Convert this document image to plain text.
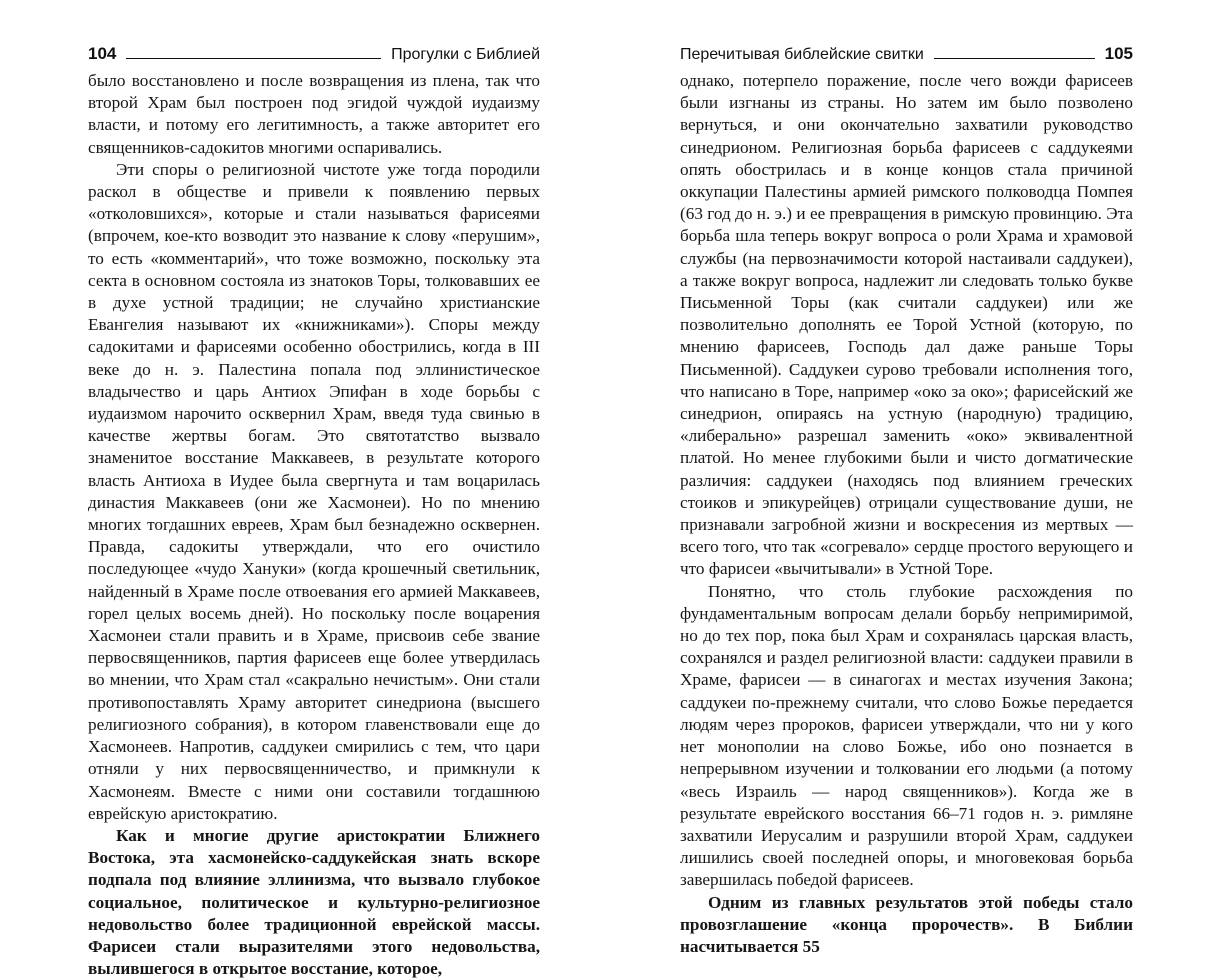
104	Прогулки с Библией

было восстановлено и после возвращения из плена, так что второй Храм был построен под эгидой чуждой иудаизму власти, и потому его легитимность, а также авторитет его священников-садокитов многими оспаривались.

Эти споры о религиозной чистоте уже тогда породили раскол в обществе и привели к появлению первых «отколовшихся», которые и стали называться фарисеями (впрочем, кое-кто возводит это название к слову «перушим», то есть «комментарий», что тоже возможно, поскольку эта секта в основном состояла из знатоков Торы, толковавших ее в духе устной традиции; не случайно христианские Евангелия называют их «книжниками»). Споры между садокитами и фарисеями особенно обострились, когда в III веке до н. э. Палестина попала под эллинистическое владычество и царь Антиох Эпифан в ходе борьбы с иудаизмом нарочито осквернил Храм, введя туда свинью в качестве жертвы богам. Это святотатство вызвало знаменитое восстание Маккавеев, в результате которого власть Антиоха в Иудее была свергнута и там воцарилась династия Маккавеев (они же Хасмонеи). Но по мнению многих тогдашних евреев, Храм был безнадежно осквернен. Правда, садокиты утверждали, что его очистило последующее «чудо Хануки» (когда крошечный светильник, найденный в Храме после отвоевания его армией Маккавеев, горел целых восемь дней). Но поскольку после воцарения Хасмонеи стали править и в Храме, присвоив себе звание первосвященников, партия фарисеев еще более утвердилась во мнении, что Храм стал «сакрально нечистым». Они стали противопоставлять Храму авторитет синедриона (высшего религиозного собрания), в котором главенствовали еще до Хасмонеев. Напротив, саддукеи смирились с тем, что цари отняли у них первосвященничество, и примкнули к Хасмонеям. Вместе с ними они составили тогдашнюю еврейскую аристократию.

Как и многие другие аристократии Ближнего Востока, эта хасмонейско-саддукейская знать вскоре подпала под влияние эллинизма, что вызвало глубокое социальное, политическое и культурно-религиозное недовольство более традиционной еврейской массы. Фарисеи стали выразителями этого недовольства, вылившегося в открытое восстание, которое,

Перечитывая библейские свитки	105

однако, потерпело поражение, после чего вожди фарисеев были изгнаны из страны. Но затем им было позволено вернуться, и они окончательно захватили руководство синедрионом. Религиозная борьба фарисеев с саддукеями опять обострилась и в конце концов стала причиной оккупации Палестины армией римского полководца Помпея (63 год до н. э.) и ее превращения в римскую провинцию. Эта борьба шла теперь вокруг вопроса о роли Храма и храмовой службы (на первозначимости которой настаивали саддукеи), а также вокруг вопроса, надлежит ли следовать только букве Письменной Торы (как считали саддукеи) или же позволительно дополнять ее Торой Устной (которую, по мнению фарисеев, Господь дал даже раньше Торы Письменной). Саддукеи сурово требовали исполнения того, что написано в Торе, например «око за око»; фарисейский же синедрион, опираясь на устную (народную) традицию, «либерально» разрешал заменить «око» эквивалентной платой. Но менее глубокими были и чисто догматические различия: саддукеи (находясь под влиянием греческих стоиков и эпикурейцев) отрицали существование души, не признавали загробной жизни и воскресения из мертвых — всего того, что так «согревало» сердце простого верующего и что фарисеи «вычитывали» в Устной Торе.

Понятно, что столь глубокие расхождения по фундаментальным вопросам делали борьбу непримиримой, но до тех пор, пока был Храм и сохранялась царская власть, сохранялся и раздел религиозной власти: саддукеи правили в Храме, фарисеи — в синагогах и местах изучения Закона; саддукеи по-прежнему считали, что слово Божье передается людям через пророков, фарисеи утверждали, что ни у кого нет монополии на слово Божье, ибо оно познается в непрерывном изучении и толковании его людьми (а потому «весь Израиль — народ священников»). Когда же в результате еврейского восстания 66–71 годов н. э. римляне захватили Иерусалим и разрушили второй Храм, саддукеи лишились своей последней опоры, и многовековая борьба завершилась победой фарисеев.

Одним из главных результатов этой победы стало провозглашение «конца пророчеств». В Библии насчитывается 55
